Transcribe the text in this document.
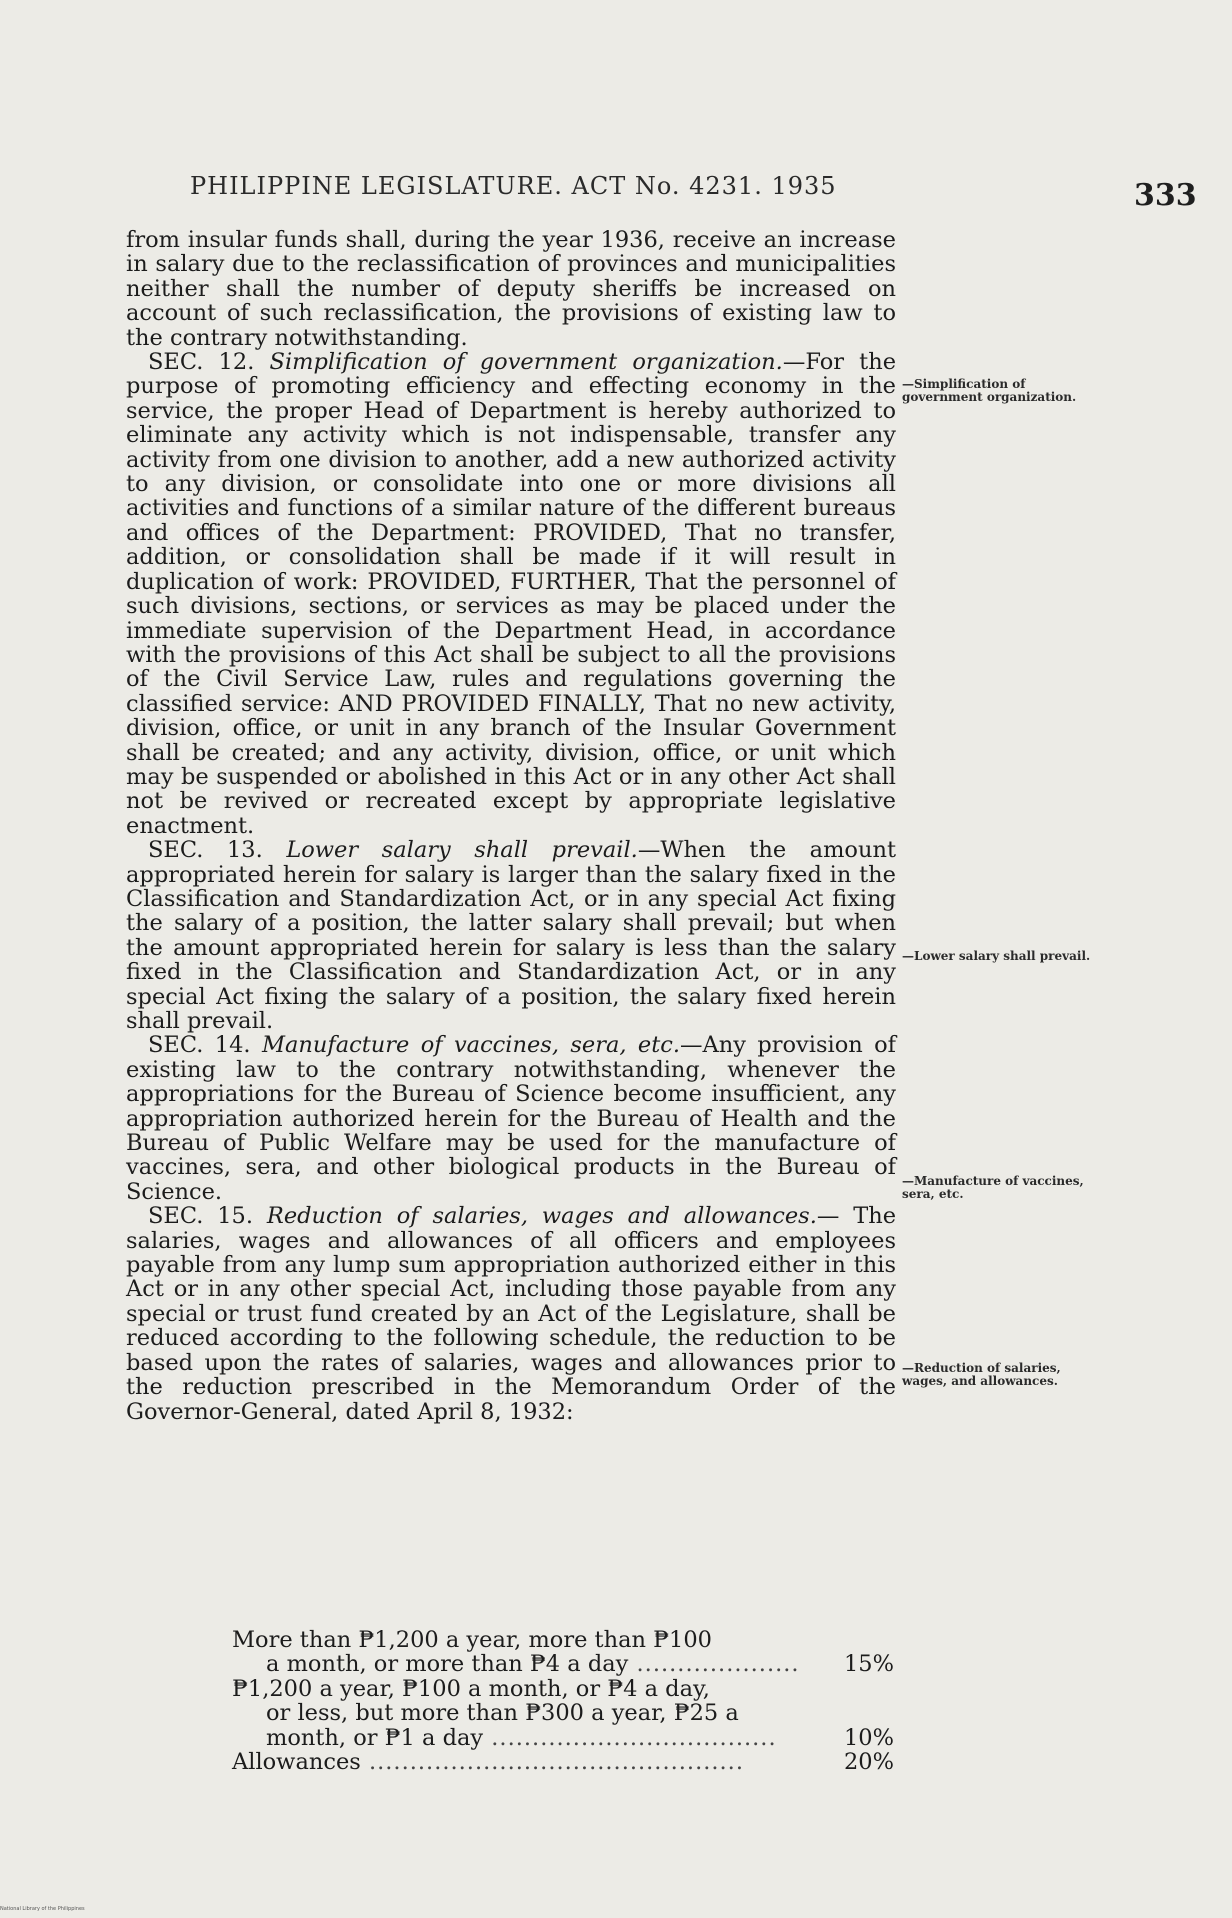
PHILIPPINE LEGISLATURE. ACT No. 4231. 1935	333

from insular funds shall, during the year 1936, receive an increase in salary due to the reclassification of provinces and municipalities neither shall the number of deputy sheriffs be increased on account of such reclassification, the provisions of existing law to the contrary notwithstanding.

SEC. 12. Simplification of government organization.—For the purpose of promoting efficiency and effecting economy in the service, the proper Head of Department is hereby authorized to eliminate any activity which is not indispensable, transfer any activity from one division to another, add a new authorized activity to any division, or consolidate into one or more divisions all activities and functions of a similar nature of the different bureaus and offices of the Department: PROVIDED, That no transfer, addition, or consolidation shall be made if it will result in duplication of work: PROVIDED, FURTHER, That the personnel of such divisions, sections, or services as may be placed under the immediate supervision of the Department Head, in accordance with the provisions of this Act shall be subject to all the provisions of the Civil Service Law, rules and regulations governing the classified service: AND PROVIDED FINALLY, That no new activity, division, office, or unit in any branch of the Insular Government shall be created; and any activity, division, office, or unit which may be suspended or abolished in this Act or in any other Act shall not be revived or recreated except by appropriate legislative enactment.

SEC. 13. Lower salary shall prevail.—When the amount appropriated herein for salary is larger than the salary fixed in the Classification and Standardization Act, or in any special Act fixing the salary of a position, the latter salary shall prevail; but when the amount appropriated herein for salary is less than the salary fixed in the Classification and Standardization Act, or in any special Act fixing the salary of a position, the salary fixed herein shall prevail.

SEC. 14. Manufacture of vaccines, sera, etc.—Any provision of existing law to the contrary notwithstanding, whenever the appropriations for the Bureau of Science become insufficient, any appropriation authorized herein for the Bureau of Health and the Bureau of Public Welfare may be used for the manufacture of vaccines, sera, and other biological products in the Bureau of Science.

SEC. 15. Reduction of salaries, wages and allowances.— The salaries, wages and allowances of all officers and employees payable from any lump sum appropriation authorized either in this Act or in any other special Act, including those payable from any special or trust fund created by an Act of the Legislature, shall be reduced according to the following schedule, the reduction to be based upon the rates of salaries, wages and allowances prior to the reduction prescribed in the Memorandum Order of the Governor-General, dated April 8, 1932:

—Simplification of government organization.
—Lower salary shall prevail.
—Manufacture of vaccines, sera, etc.
—Reduction of salaries, wages, and allowances.
More than ₱1,200 a year, more than ₱100
a month, or more than ₱4 a day ....................	15%
₱1,200 a year, ₱100 a month, or ₱4 a day,
or less, but more than ₱300 a year, ₱25 a
month, or ₱1 a day ...................................	10%
Allowances ..............................................	20%
National Library of the Philippines
